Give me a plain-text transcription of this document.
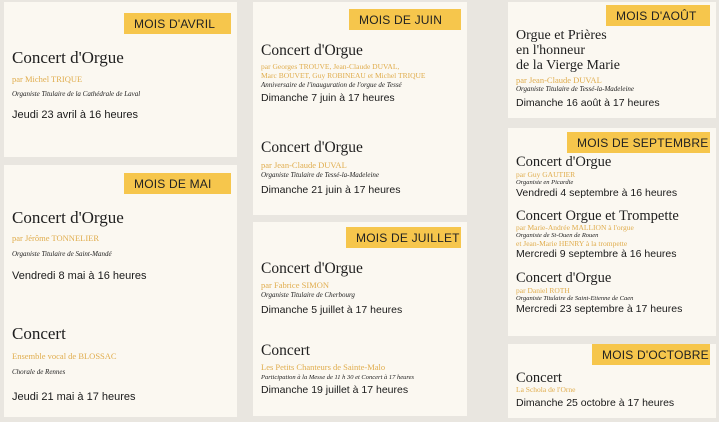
MOIS D'AVRIL
Concert d'Orgue
par Michel TRIQUE
Organiste Titulaire de la Cathédrale de Laval
Jeudi 23 avril à 16 heures
MOIS DE MAI
Concert d'Orgue
par Jérôme TONNELIER
Organiste Titulaire de Saint-Mandé
Vendredi 8 mai à 16 heures
Concert
Ensemble vocal de BLOSSAC
Chorale de Rennes
Jeudi 21 mai à 17 heures
MOIS DE JUIN
Concert d'Orgue
par Georges TROUVE, Jean-Claude DUVAL,
Marc BOUVET, Guy ROBINEAU et Michel TRIQUE
Anniversaire de l'inauguration de l'orgue de Tessé
Dimanche 7 juin à 17 heures
Concert d'Orgue
par Jean-Claude DUVAL
Organiste Titulaire de Tessé-la-Madeleine
Dimanche 21 juin à 17 heures
MOIS DE JUILLET
Concert d'Orgue
par Fabrice SIMON
Organiste Titulaire de Cherbourg
Dimanche 5 juillet à 17 heures
Concert
Les Petits Chanteurs de Sainte-Malo
Participation à la Messe de 11 h 30 et Concert à 17 heures
Dimanche 19 juillet à 17 heures
MOIS D'AOÛT
Orgue et Prières
en l'honneur
de la Vierge Marie
par Jean-Claude DUVAL
Organiste Titulaire de Tessé-la-Madeleine
Dimanche 16 août à 17 heures
MOIS DE SEPTEMBRE
Concert d'Orgue
par Guy GAUTIER
Organiste en Picardie
Vendredi 4 septembre à 16 heures
Concert Orgue et Trompette
par Marie-Andrée MALLION à l'orgue
Organiste de St-Ouen de Rouen
et Jean-Marie HENRY à la trompette
Mercredi 9 septembre à 16 heures
Concert d'Orgue
par Daniel ROTH
Organiste Titulaire de Saint-Etienne de Caen
Mercredi 23 septembre à 17 heures
MOIS D'OCTOBRE
Concert
La Schola de l'Orne
Dimanche 25 octobre à 17 heures
